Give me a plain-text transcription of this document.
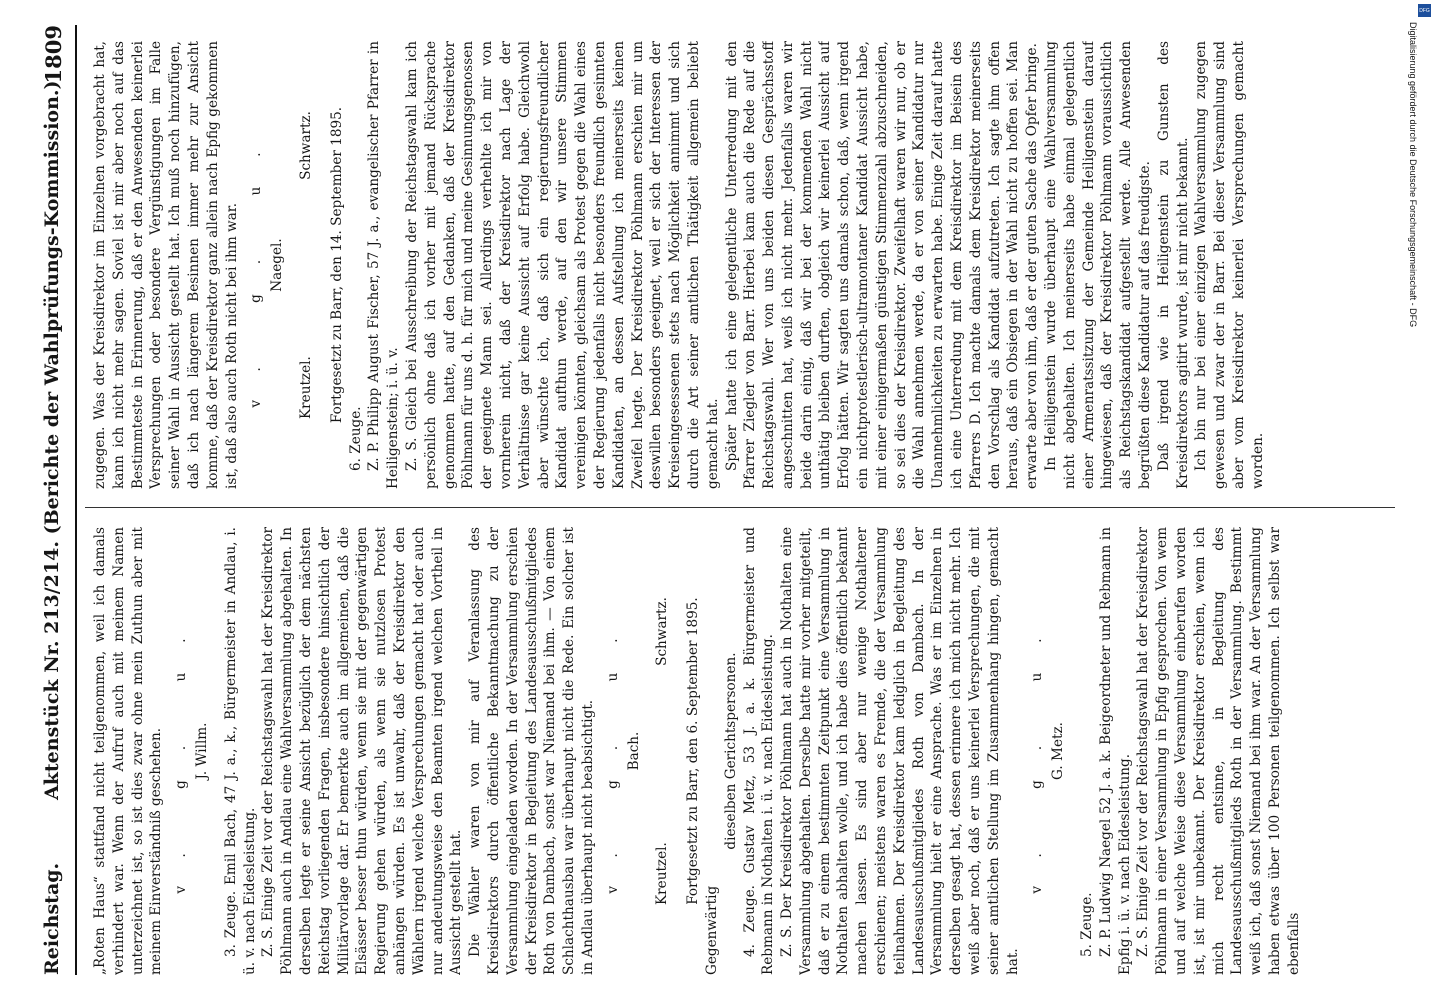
Reichstag.
Aktenstück Nr. 213/214. (Berichte der Wahlprüfungs-Kommission.)
1809

„Roten Haus“ stattfand nicht teilgenommen, weil ich damals verhindert war. Wenn der Aufruf auch mit meinem Namen unterzeichnet ist, so ist dies zwar ohne mein Zuthun aber mit meinem Einverständniß geschehen. v. g. u. J. Willm. 3. Zeuge. Emil Bach, 47 J. a., k., Bürgermeister in Andlau, i. ü. v. nach Eidesleistung. Z. S. Einige Zeit vor der Reichstagswahl hat der Kreisdirektor Pöhlmann auch in Andlau eine Wahlversammlung abgehalten. In derselben legte er seine Ansicht bezüglich der dem nächsten Reichstag vorliegenden Fragen, insbesondere hinsichtlich der Militärvorlage dar. Er bemerkte auch im allgemeinen, daß die Elsässer besser thun würden, wenn sie mit der gegenwärtigen Regierung gehen würden, als wenn sie nutzlosen Protest anhängen würden. Es ist unwahr, daß der Kreisdirektor den Wählern irgend welche Versprechungen gemacht hat oder auch nur andeutungsweise den Beamten irgend welchen Vortheil in Aussicht gestellt hat. Die Wähler waren von mir auf Veranlassung des Kreisdirektors durch öffentliche Bekanntmachung zu der Versammlung eingeladen worden. In der Versammlung erschien der Kreisdirektor in Begleitung des Landesausschußmitgliedes Roth von Dambach, sonst war Niemand bei ihm. — Von einem Schlachthausbau war überhaupt nicht die Rede. Ein solcher ist in Andlau überhaupt nicht beabsichtigt. v. g. u. Bach.

Kreutzel.
Schwartz. Fortgesetzt zu Barr, den 6. September 1895.

Gegenwärtig

dieselben Gerichtspersonen. 4. Zeuge. Gustav Metz, 53 J. a. k. Bürgermeister und Rebmann in Nothalten i. ü. v. nach Eidesleistung. Z. S. Der Kreisdirektor Pöhlmann hat auch in Nothalten eine Versammlung abgehalten. Derselbe hatte mir vorher mitgeteilt, daß er zu einem bestimmten Zeitpunkt eine Versammlung in Nothalten abhalten wolle, und ich habe dies öffentlich bekannt machen lassen. Es sind aber nur wenige Nothaltener erschienen; meistens waren es Fremde, die der Versammlung teilnahmen. Der Kreisdirektor kam lediglich in Begleitung des Landesausschußmitgliedes Roth von Dambach. In der Versammlung hielt er eine Ansprache. Was er im Einzelnen in derselben gesagt hat, dessen erinnere ich mich nicht mehr. Ich weiß aber noch, daß er uns keinerlei Versprechungen, die mit seiner amtlichen Stellung im Zusammenhang hingen, gemacht hat.

v. g. u. G. Metz.

5. Zeuge. Z. P. Ludwig Naegel 52 J. a. k. Beigeordneter und Rebmann in Epfig i. ü. v. nach Eidesleistung. Z. S. Einige Zeit vor der Reichstagswahl hat der Kreisdirektor Pöhlmann in einer Versammlung in Epfig gesprochen. Von wem und auf welche Weise diese Versammlung einberufen worden ist, ist mir unbekannt. Der Kreisdirektor erschien, wenn ich mich recht entsinne, in Begleitung des Landesausschußmitglieds Roth in der Versammlung. Bestimmt weiß ich, daß sonst Niemand bei ihm war. An der Versammlung haben etwas über 100 Personen teilgenommen. Ich selbst war ebenfalls

zugegen. Was der Kreisdirektor im Einzelnen vorgebracht hat, kann ich nicht mehr sagen. Soviel ist mir aber noch auf das Bestimmteste in Erinnerung, daß er den Anwesenden keinerlei Versprechungen oder besondere Vergünstigungen im Falle seiner Wahl in Aussicht gestellt hat. Ich muß noch hinzufügen, daß ich nach längerem Besinnen immer mehr zur Ansicht komme, daß der Kreisdirektor ganz allein nach Epfig gekommen ist, daß also auch Roth nicht bei ihm war. v. g. u. Naegel.

Kreutzel.
Schwartz. Fortgesetzt zu Barr, den 14. September 1895.

6. Zeuge. Z. P. Philipp August Fischer, 57 J. a., evangelischer Pfarrer in Heiligenstein; i. ü. v. Z. S. Gleich bei Ausschreibung der Reichstagswahl kam ich persönlich ohne daß ich vorher mit jemand Rücksprache genommen hatte, auf den Gedanken, daß der Kreisdirektor Pöhlmann für uns d. h. für mich und meine Gesinnungsgenossen der geeignete Mann sei. Allerdings verhehlte ich mir von vornherein nicht, daß der Kreisdirektor nach Lage der Verhältnisse gar keine Aussicht auf Erfolg habe. Gleichwohl aber wünschte ich, daß sich ein regierungsfreundlicher Kandidat aufthun werde, auf den wir unsere Stimmen vereinigen könnten, gleichsam als Protest gegen die Wahl eines der Regierung jedenfalls nicht besonders freundlich gesinnten Kandidaten, an dessen Aufstellung ich meinerseits keinen Zweifel hegte. Der Kreisdirektor Pöhlmann erschien mir um deswillen besonders geeignet, weil er sich der Interessen der Kreiseingesessenen stets nach Möglichkeit annimmt und sich durch die Art seiner amtlichen Thätigkeit allgemein beliebt gemacht hat. Später hatte ich eine gelegentliche Unterredung mit den Pfarrer Ziegler von Barr. Hierbei kam auch die Rede auf die Reichstagswahl. Wer von uns beiden diesen Gesprächsstoff angeschnitten hat, weiß ich nicht mehr. Jedenfalls waren wir beide darin einig, daß wir bei der kommenden Wahl nicht unthätig bleiben durften, obgleich wir keinerlei Aussicht auf Erfolg hätten. Wir sagten uns damals schon, daß, wenn irgend ein nichtprotestlerisch-ultramontaner Kandidat Aussicht habe, mit einer einigermaßen günstigen Stimmenzahl abzuschneiden, so sei dies der Kreisdirektor. Zweifelhaft waren wir nur, ob er die Wahl annehmen werde, da er von seiner Kandidatur nur Unannehmlichkeiten zu erwarten habe. Einige Zeit darauf hatte ich eine Unterredung mit dem Kreisdirektor im Beisein des Pfarrers D. Ich machte damals dem Kreisdirektor meinerseits den Vorschlag als Kandidat aufzutreten. Ich sagte ihm offen heraus, daß ein Obsiegen in der Wahl nicht zu hoffen sei. Man erwarte aber von ihm, daß er der guten Sache das Opfer bringe. In Heiligenstein wurde überhaupt eine Wahlversammlung nicht abgehalten. Ich meinerseits habe einmal gelegentlich einer Armenratssitzung der Gemeinde Heiligenstein darauf hingewiesen, daß der Kreisdirektor Pöhlmann voraussichtlich als Reichstagskandidat aufgestellt werde. Alle Anwesenden begrüßten diese Kandidatur auf das freudigste. Daß irgend wie in Heiligenstein zu Gunsten des Kreisdirektors agitirt wurde, ist mir nicht bekannt. Ich bin nur bei einer einzigen Wahlversammlung zugegen gewesen und zwar der in Barr. Bei dieser Versammlung sind aber vom Kreisdirektor keinerlei Versprechungen gemacht worden.

DFG
Digitalisierung gefördert durch die Deutsche Forschungsgemeinschaft - DFG
